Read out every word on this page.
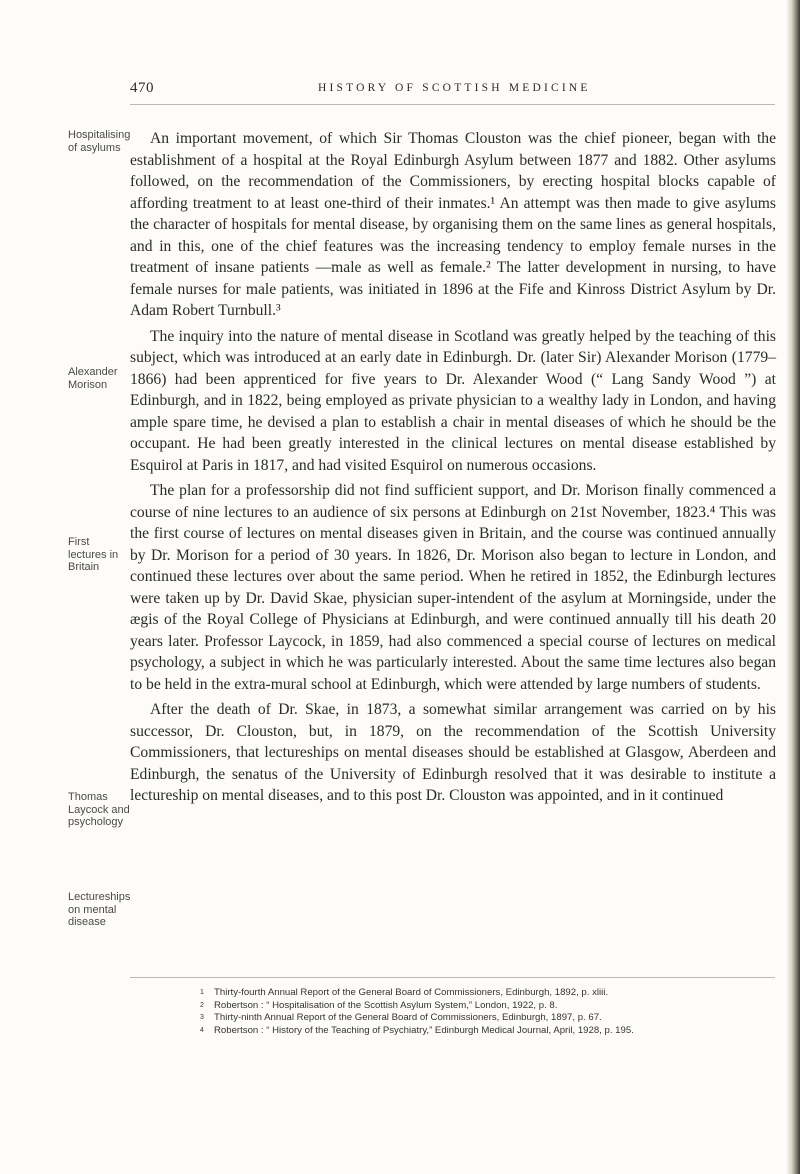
470	HISTORY OF SCOTTISH MEDICINE
Hospitalising of asylums
Alexander Morison
First lectures in Britain
Thomas Laycock and psychology
Lectureships on mental disease

An important movement, of which Sir Thomas Clouston was the chief pioneer, began with the establishment of a hospital at the Royal Edinburgh Asylum between 1877 and 1882. Other asylums followed, on the recommendation of the Commissioners, by erecting hospital blocks capable of affording treatment to at least one-third of their inmates.¹ An attempt was then made to give asylums the character of hospitals for mental disease, by organising them on the same lines as general hospitals, and in this, one of the chief features was the increasing tendency to employ female nurses in the treatment of insane patients —male as well as female.² The latter development in nursing, to have female nurses for male patients, was initiated in 1896 at the Fife and Kinross District Asylum by Dr. Adam Robert Turnbull.³

The inquiry into the nature of mental disease in Scotland was greatly helped by the teaching of this subject, which was introduced at an early date in Edinburgh. Dr. (later Sir) Alexander Morison (1779–1866) had been apprenticed for five years to Dr. Alexander Wood (“ Lang Sandy Wood ”) at Edinburgh, and in 1822, being employed as private physician to a wealthy lady in London, and having ample spare time, he devised a plan to establish a chair in mental diseases of which he should be the occupant. He had been greatly interested in the clinical lectures on mental disease established by Esquirol at Paris in 1817, and had visited Esquirol on numerous occasions.

The plan for a professorship did not find sufficient support, and Dr. Morison finally commenced a course of nine lectures to an audience of six persons at Edinburgh on 21st November, 1823.⁴ This was the first course of lectures on mental diseases given in Britain, and the course was continued annually by Dr. Morison for a period of 30 years. In 1826, Dr. Morison also began to lecture in London, and continued these lectures over about the same period. When he retired in 1852, the Edinburgh lectures were taken up by Dr. David Skae, physician super-intendent of the asylum at Morningside, under the ægis of the Royal College of Physicians at Edinburgh, and were continued annually till his death 20 years later. Professor Laycock, in 1859, had also commenced a special course of lectures on medical psychology, a subject in which he was particularly interested. About the same time lectures also began to be held in the extra-mural school at Edinburgh, which were attended by large numbers of students.

After the death of Dr. Skae, in 1873, a somewhat similar arrangement was carried on by his successor, Dr. Clouston, but, in 1879, on the recommendation of the Scottish University Commissioners, that lectureships on mental diseases should be established at Glasgow, Aberdeen and Edinburgh, the senatus of the University of Edinburgh resolved that it was desirable to institute a lectureship on mental diseases, and to this post Dr. Clouston was appointed, and in it continued

1 Thirty-fourth Annual Report of the General Board of Commissioners, Edinburgh, 1892, p. xliii.
2 Robertson : “ Hospitalisation of the Scottish Asylum System,” London, 1922, p. 8.
3 Thirty-ninth Annual Report of the General Board of Commissioners, Edinburgh, 1897, p. 67.
4 Robertson : “ History of the Teaching of Psychiatry,” Edinburgh Medical Journal, April, 1928, p. 195.
